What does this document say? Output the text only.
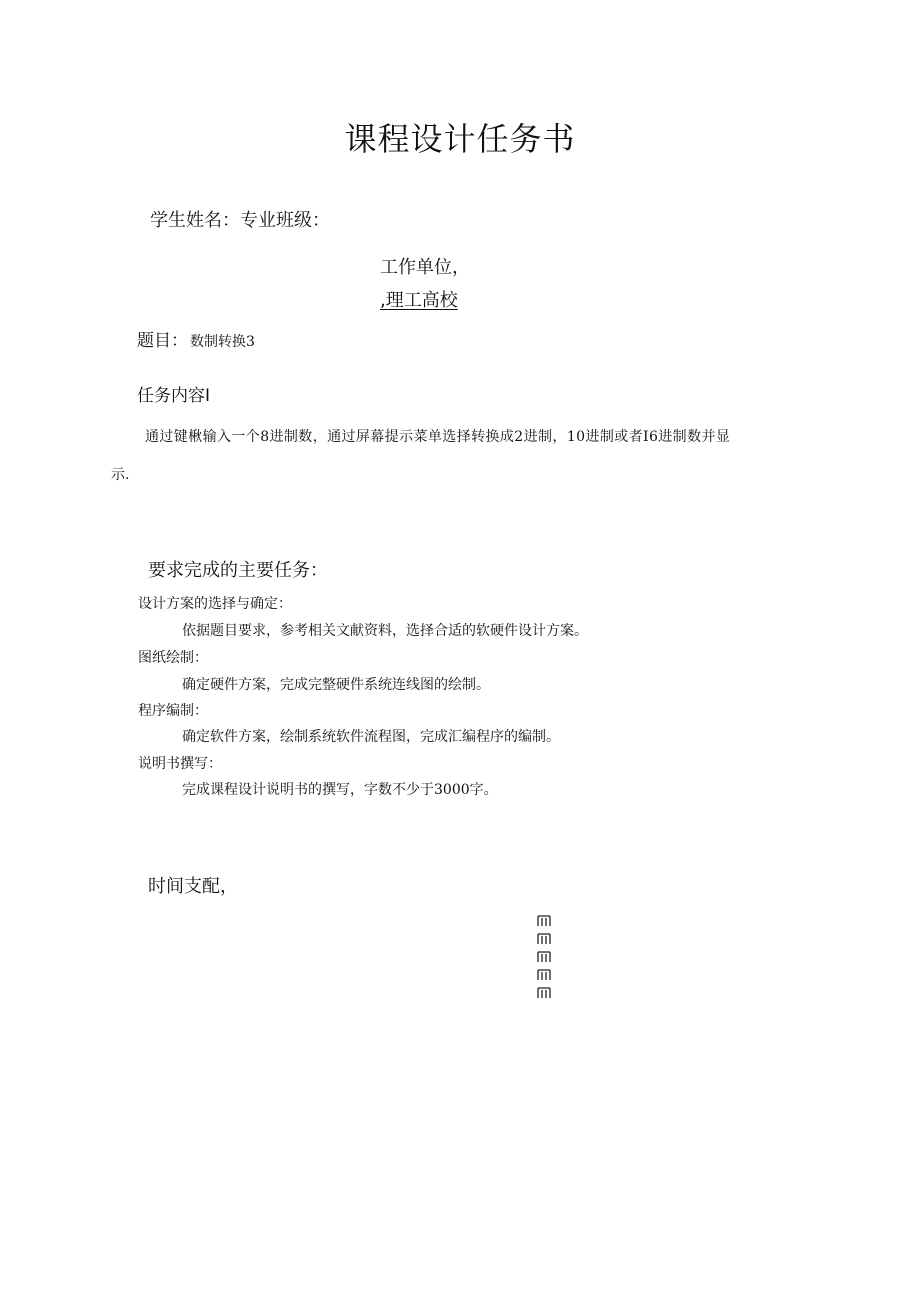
课程设计任务书
学生姓名：专业班级：
工作单位，
,理工高校
题目： 数制转换3
任务内容I
通过键楸输入一个8进制数，通过屏幕提示菜单选择转换成2进制，10进制或者I6进制数并显
示.
要求完成的主要任务：
设计方案的选择与确定：
依据题目要求，参考相关文献资料，选择合适的软硬件设计方案。
图纸绘制：
确定硬件方案，完成完整硬件系统连线图的绘制。
程序编制：
确定软件方案，绘制系统软件流程图，完成汇编程序的编制。
说明书撰写：
完成课程设计说明书的撰写，字数不少于3000字。
时间支配，
